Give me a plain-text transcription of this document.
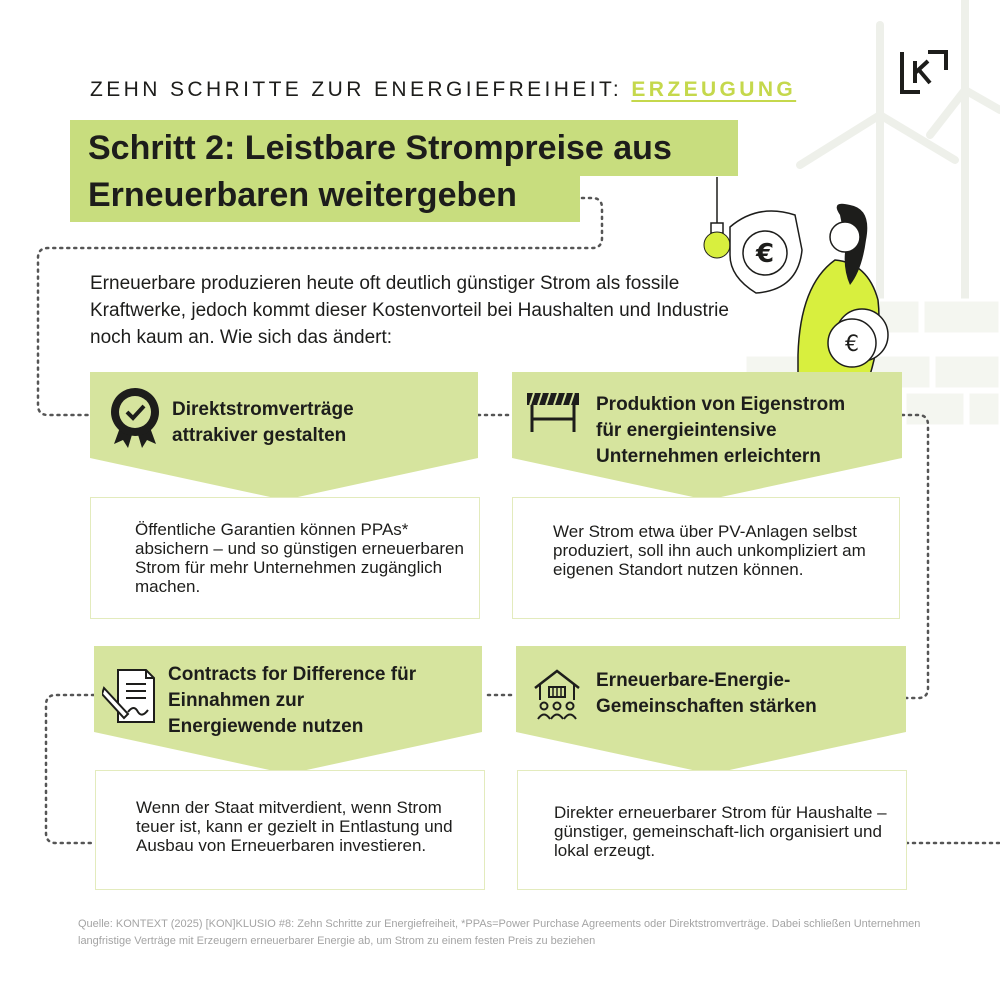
ZEHN SCHRITTE ZUR ENERGIEFREIHEIT: ERZEUGUNG
Schritt 2: Leistbare Strompreise aus
Erneuerbaren weitergeben
Erneuerbare produzieren heute oft deutlich günstiger Strom als fossile Kraftwerke, jedoch kommt dieser Kostenvorteil bei Haushalten und Industrie noch kaum an. Wie sich das ändert:
€
€
Direktstromverträge
attrakiver gestalten

Öffentliche Garantien können PPAs* absichern – und so günstigen erneuerbaren Strom für mehr Unternehmen zugänglich machen.

Produktion von Eigenstrom
für energieintensive
Unternehmen erleichtern

Wer Strom etwa über PV-Anlagen selbst produziert, soll ihn auch unkompliziert am eigenen Standort nutzen können.

Contracts for Difference für
Einnahmen zur
Energiewende nutzen

Wenn der Staat mitverdient, wenn Strom teuer ist, kann er gezielt in Entlastung und Ausbau von Erneuerbaren investieren.

Erneuerbare-Energie-
Gemeinschaften stärken

Direkter erneuerbarer Strom für Haushalte – günstiger, gemeinschaft-lich organisiert und lokal erzeugt.

Quelle: KONTEXT (2025) [KON]KLUSIO #8: Zehn Schritte zur Energiefreiheit, *PPAs=Power Purchase Agreements oder Direktstromverträge. Dabei schließen Unternehmen langfristige Verträge mit Erzeugern erneuerbarer Energie ab, um Strom zu einem festen Preis zu beziehen
